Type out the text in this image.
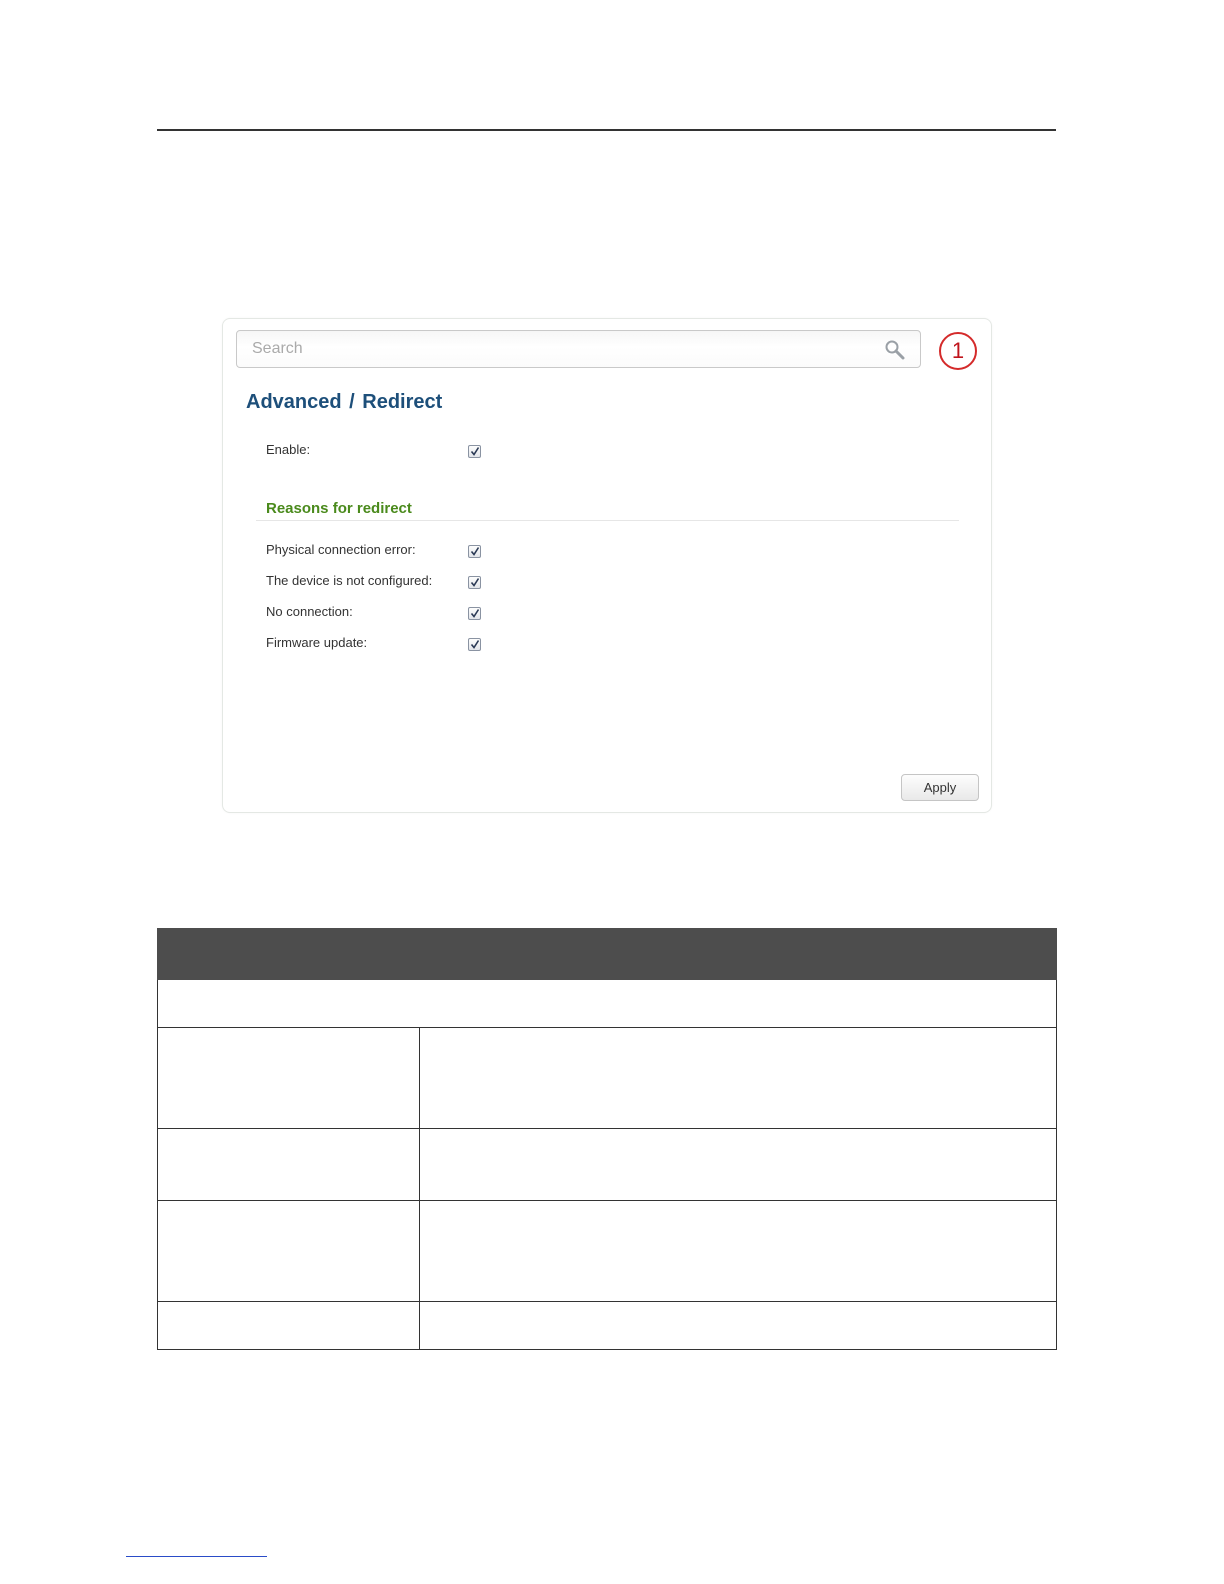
Search
1
Advanced / Redirect
Enable:
Reasons for redirect
Physical connection error:
The device is not configured:
No connection:
Firmware update:
Apply
